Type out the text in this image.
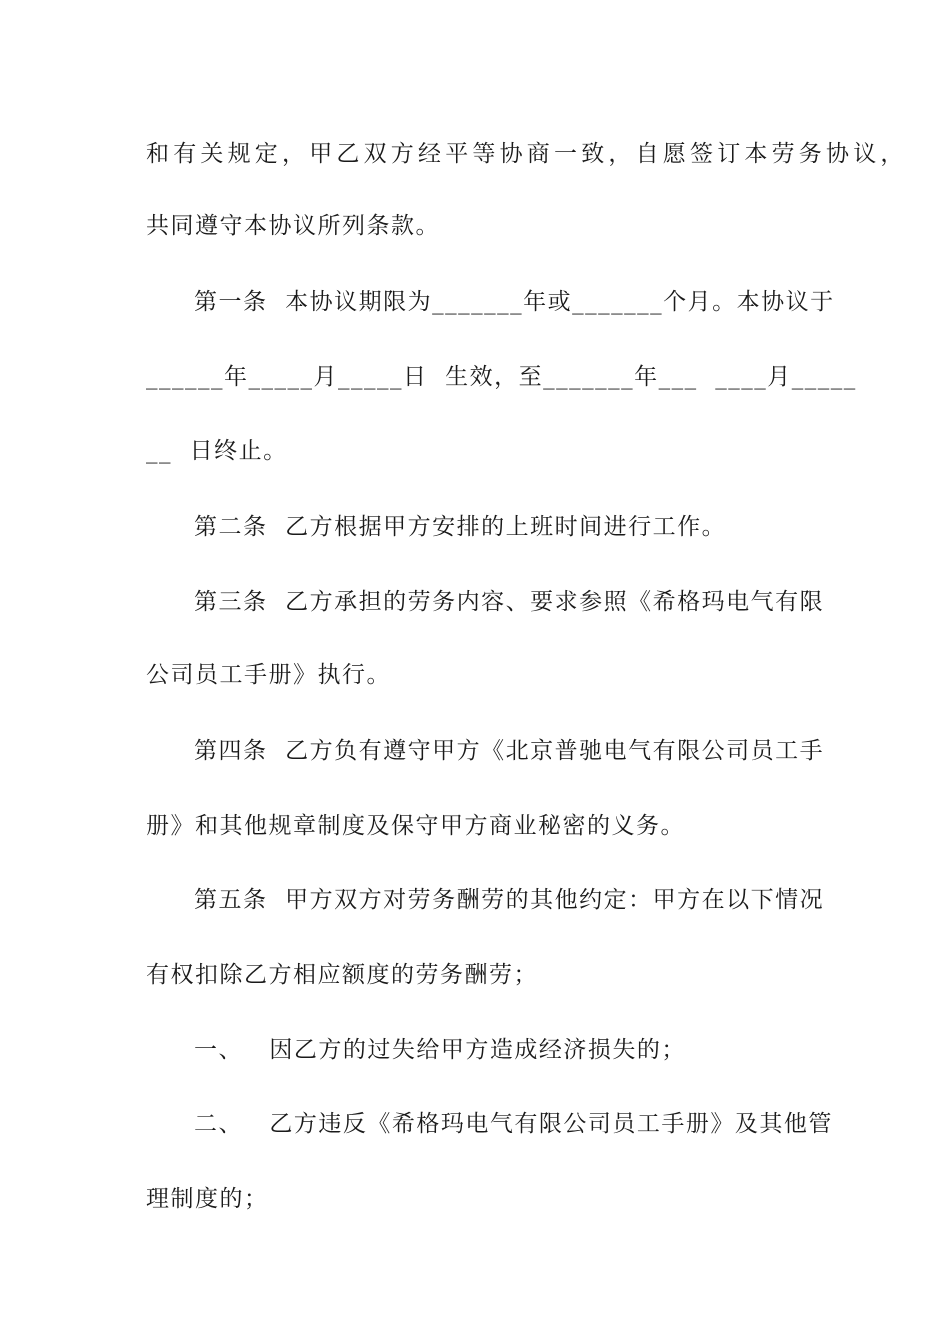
和有关规定，甲乙双方经平等协商一致，自愿签订本劳务协议，
共同遵守本协议所列条款。
第一条  本协议期限为_______年或_______个月。本协议于
______年_____月_____日  生效，至_______年___  ____月_____
__  日终止。
第二条  乙方根据甲方安排的上班时间进行工作。
第三条  乙方承担的劳务内容、要求参照《希格玛电气有限
公司员工手册》执行。
第四条  乙方负有遵守甲方《北京普驰电气有限公司员工手
册》和其他规章制度及保守甲方商业秘密的义务。
第五条  甲方双方对劳务酬劳的其他约定：甲方在以下情况
有权扣除乙方相应额度的劳务酬劳；
一、   因乙方的过失给甲方造成经济损失的；
二、   乙方违反《希格玛电气有限公司员工手册》及其他管
理制度的；
